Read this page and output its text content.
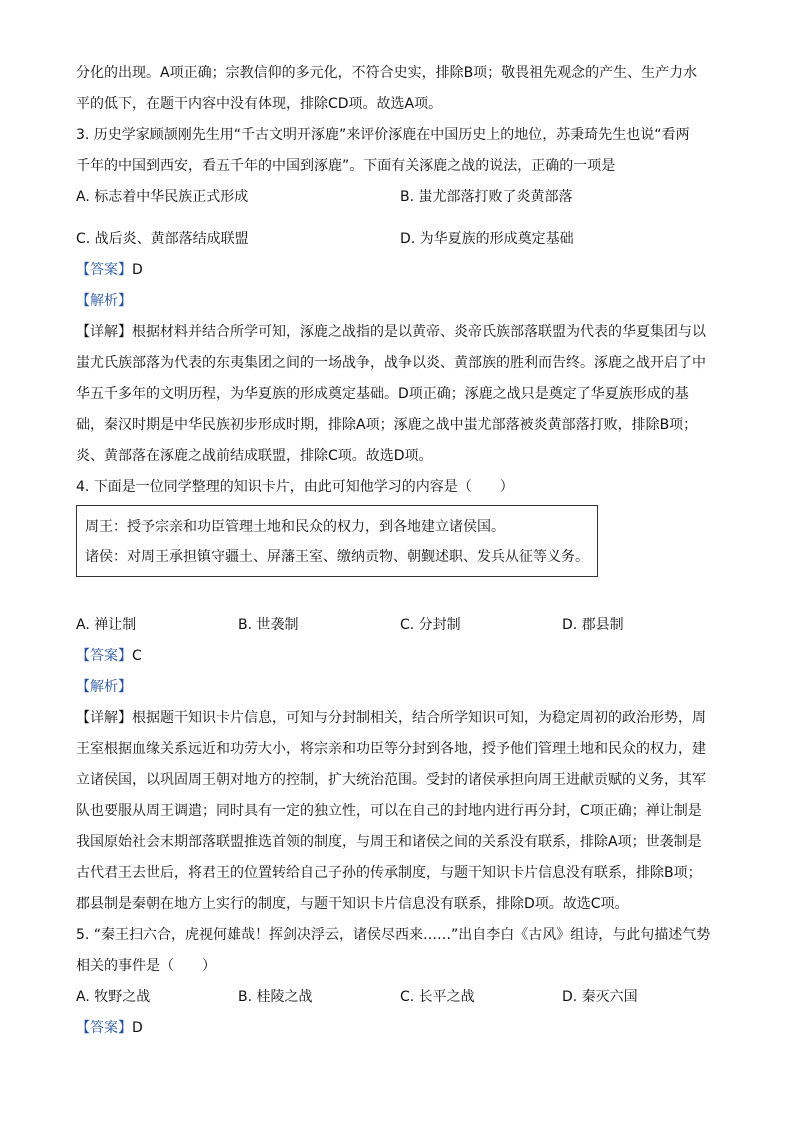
分化的出现。A项正确；宗教信仰的多元化，不符合史实，排除B项；敬畏祖先观念的产生、生产力水
平的低下，在题干内容中没有体现，排除CD项。故选A项。
3. 历史学家顾颉刚先生用“千古文明开涿鹿”来评价涿鹿在中国历史上的地位，苏秉琦先生也说“看两
千年的中国到西安，看五千年的中国到涿鹿”。下面有关涿鹿之战的说法，正确的一项是
A. 标志着中华民族正式形成	B. 蚩尤部落打败了炎黄部落
C. 战后炎、黄部落结成联盟	D. 为华夏族的形成奠定基础
【答案】D
【解析】
【详解】根据材料并结合所学可知，涿鹿之战指的是以黄帝、炎帝氏族部落联盟为代表的华夏集团与以
蚩尤氏族部落为代表的东夷集团之间的一场战争，战争以炎、黄部族的胜利而告终。涿鹿之战开启了中
华五千多年的文明历程，为华夏族的形成奠定基础。D项正确；涿鹿之战只是奠定了华夏族形成的基
础，秦汉时期是中华民族初步形成时期，排除A项；涿鹿之战中蚩尤部落被炎黄部落打败，排除B项；
炎、黄部落在涿鹿之战前结成联盟，排除C项。故选D项。
4. 下面是一位同学整理的知识卡片，由此可知他学习的内容是（　　）
周王：授予宗亲和功臣管理土地和民众的权力，到各地建立诸侯国。
诸侯：对周王承担镇守疆土、屏藩王室、缴纳贡物、朝觐述职、发兵从征等义务。
A. 禅让制	B. 世袭制	C. 分封制	D. 郡县制
【答案】C
【解析】
【详解】根据题干知识卡片信息，可知与分封制相关，结合所学知识可知，为稳定周初的政治形势，周
王室根据血缘关系远近和功劳大小，将宗亲和功臣等分封到各地，授予他们管理土地和民众的权力，建
立诸侯国，以巩固周王朝对地方的控制，扩大统治范围。受封的诸侯承担向周王进献贡赋的义务，其军
队也要服从周王调遣；同时具有一定的独立性，可以在自己的封地内进行再分封，C项正确；禅让制是
我国原始社会末期部落联盟推选首领的制度，与周王和诸侯之间的关系没有联系，排除A项；世袭制是
古代君王去世后，将君王的位置转给自己子孙的传承制度，与题干知识卡片信息没有联系，排除B项；
郡县制是秦朝在地方上实行的制度，与题干知识卡片信息没有联系，排除D项。故选C项。
5. “秦王扫六合，虎视何雄哉！挥剑决浮云，诸侯尽西来……”出自李白《古风》组诗，与此句描述气势
相关的事件是（　　）
A. 牧野之战	B. 桂陵之战	C. 长平之战	D. 秦灭六国
【答案】D
